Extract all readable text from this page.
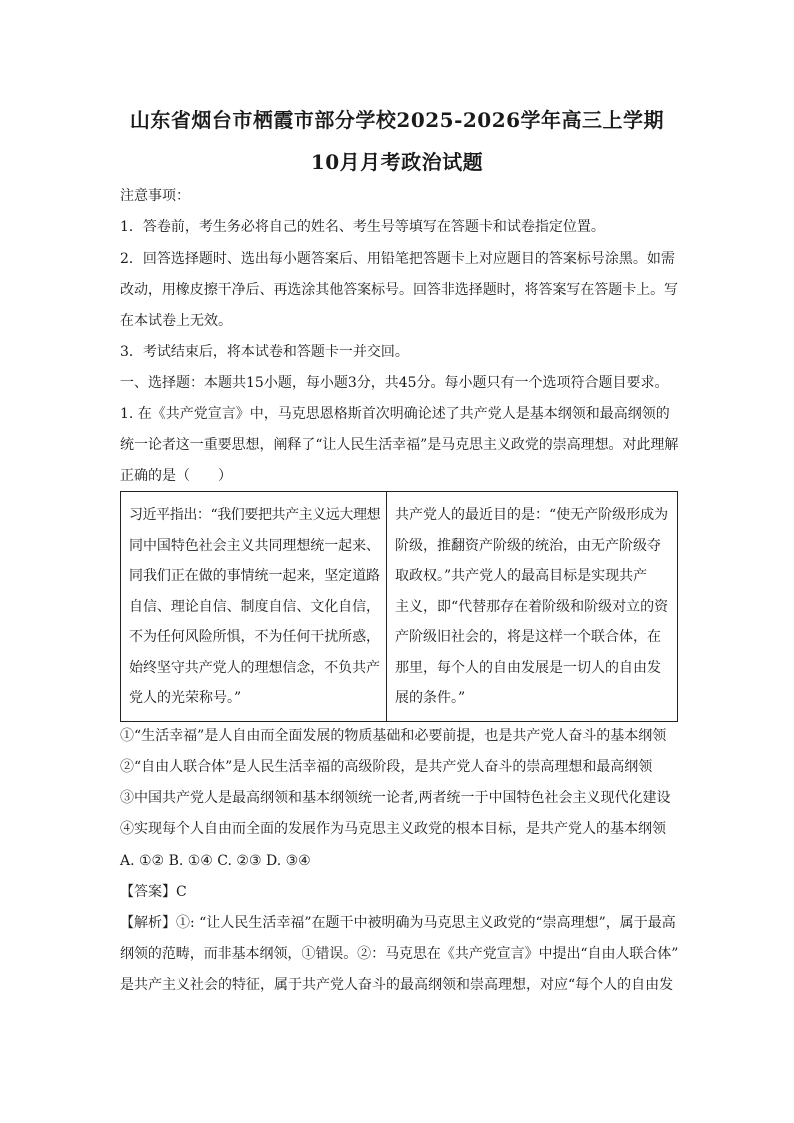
山东省烟台市栖霞市部分学校2025-2026学年高三上学期
10月月考政治试题
注意事项：
1．答卷前，考生务必将自己的姓名、考生号等填写在答题卡和试卷指定位置。
2．回答选择题时、选出每小题答案后、用铅笔把答题卡上对应题目的答案标号涂黑。如需
改动，用橡皮擦干净后、再选涂其他答案标号。回答非选择题时，将答案写在答题卡上。写
在本试卷上无效。
3．考试结束后，将本试卷和答题卡一并交回。
一、选择题：本题共15小题，每小题3分，共45分。每小题只有一个选项符合题目要求。
1. 在《共产党宣言》中，马克思恩格斯首次明确论述了共产党人是基本纲领和最高纲领的
统一论者这一重要思想，阐释了“让人民生活幸福”是马克思主义政党的崇高理想。对此理解
正确的是（　　）
习近平指出：“我们要把共产主义远大理想
同中国特色社会主义共同理想统一起来、
同我们正在做的事情统一起来，坚定道路
自信、理论自信、制度自信、文化自信，
不为任何风险所惧，不为任何干扰所惑，
始终坚守共产党人的理想信念，不负共产
党人的光荣称号。”
共产党人的最近目的是：“使无产阶级形成为
阶级，推翻资产阶级的统治，由无产阶级夺
取政权。”共产党人的最高目标是实现共产
主义，即“代替那存在着阶级和阶级对立的资
产阶级旧社会的，将是这样一个联合体，在
那里，每个人的自由发展是一切人的自由发
展的条件。”
①“生活幸福”是人自由而全面发展的物质基础和必要前提，也是共产党人奋斗的基本纲领
②“自由人联合体”是人民生活幸福的高级阶段，是共产党人奋斗的崇高理想和最高纲领
③中国共产党人是最高纲领和基本纲领统一论者,两者统一于中国特色社会主义现代化建设
④实现每个人自由而全面的发展作为马克思主义政党的根本目标，是共产党人的基本纲领
A. ①② B. ①④ C. ②③ D. ③④
【答案】C
【解析】①: “让人民生活幸福”在题干中被明确为马克思主义政党的“崇高理想”，属于最高
纲领的范畴，而非基本纲领，①错误。②：马克思在《共产党宣言》中提出“自由人联合体”
是共产主义社会的特征，属于共产党人奋斗的最高纲领和崇高理想，对应“每个人的自由发
